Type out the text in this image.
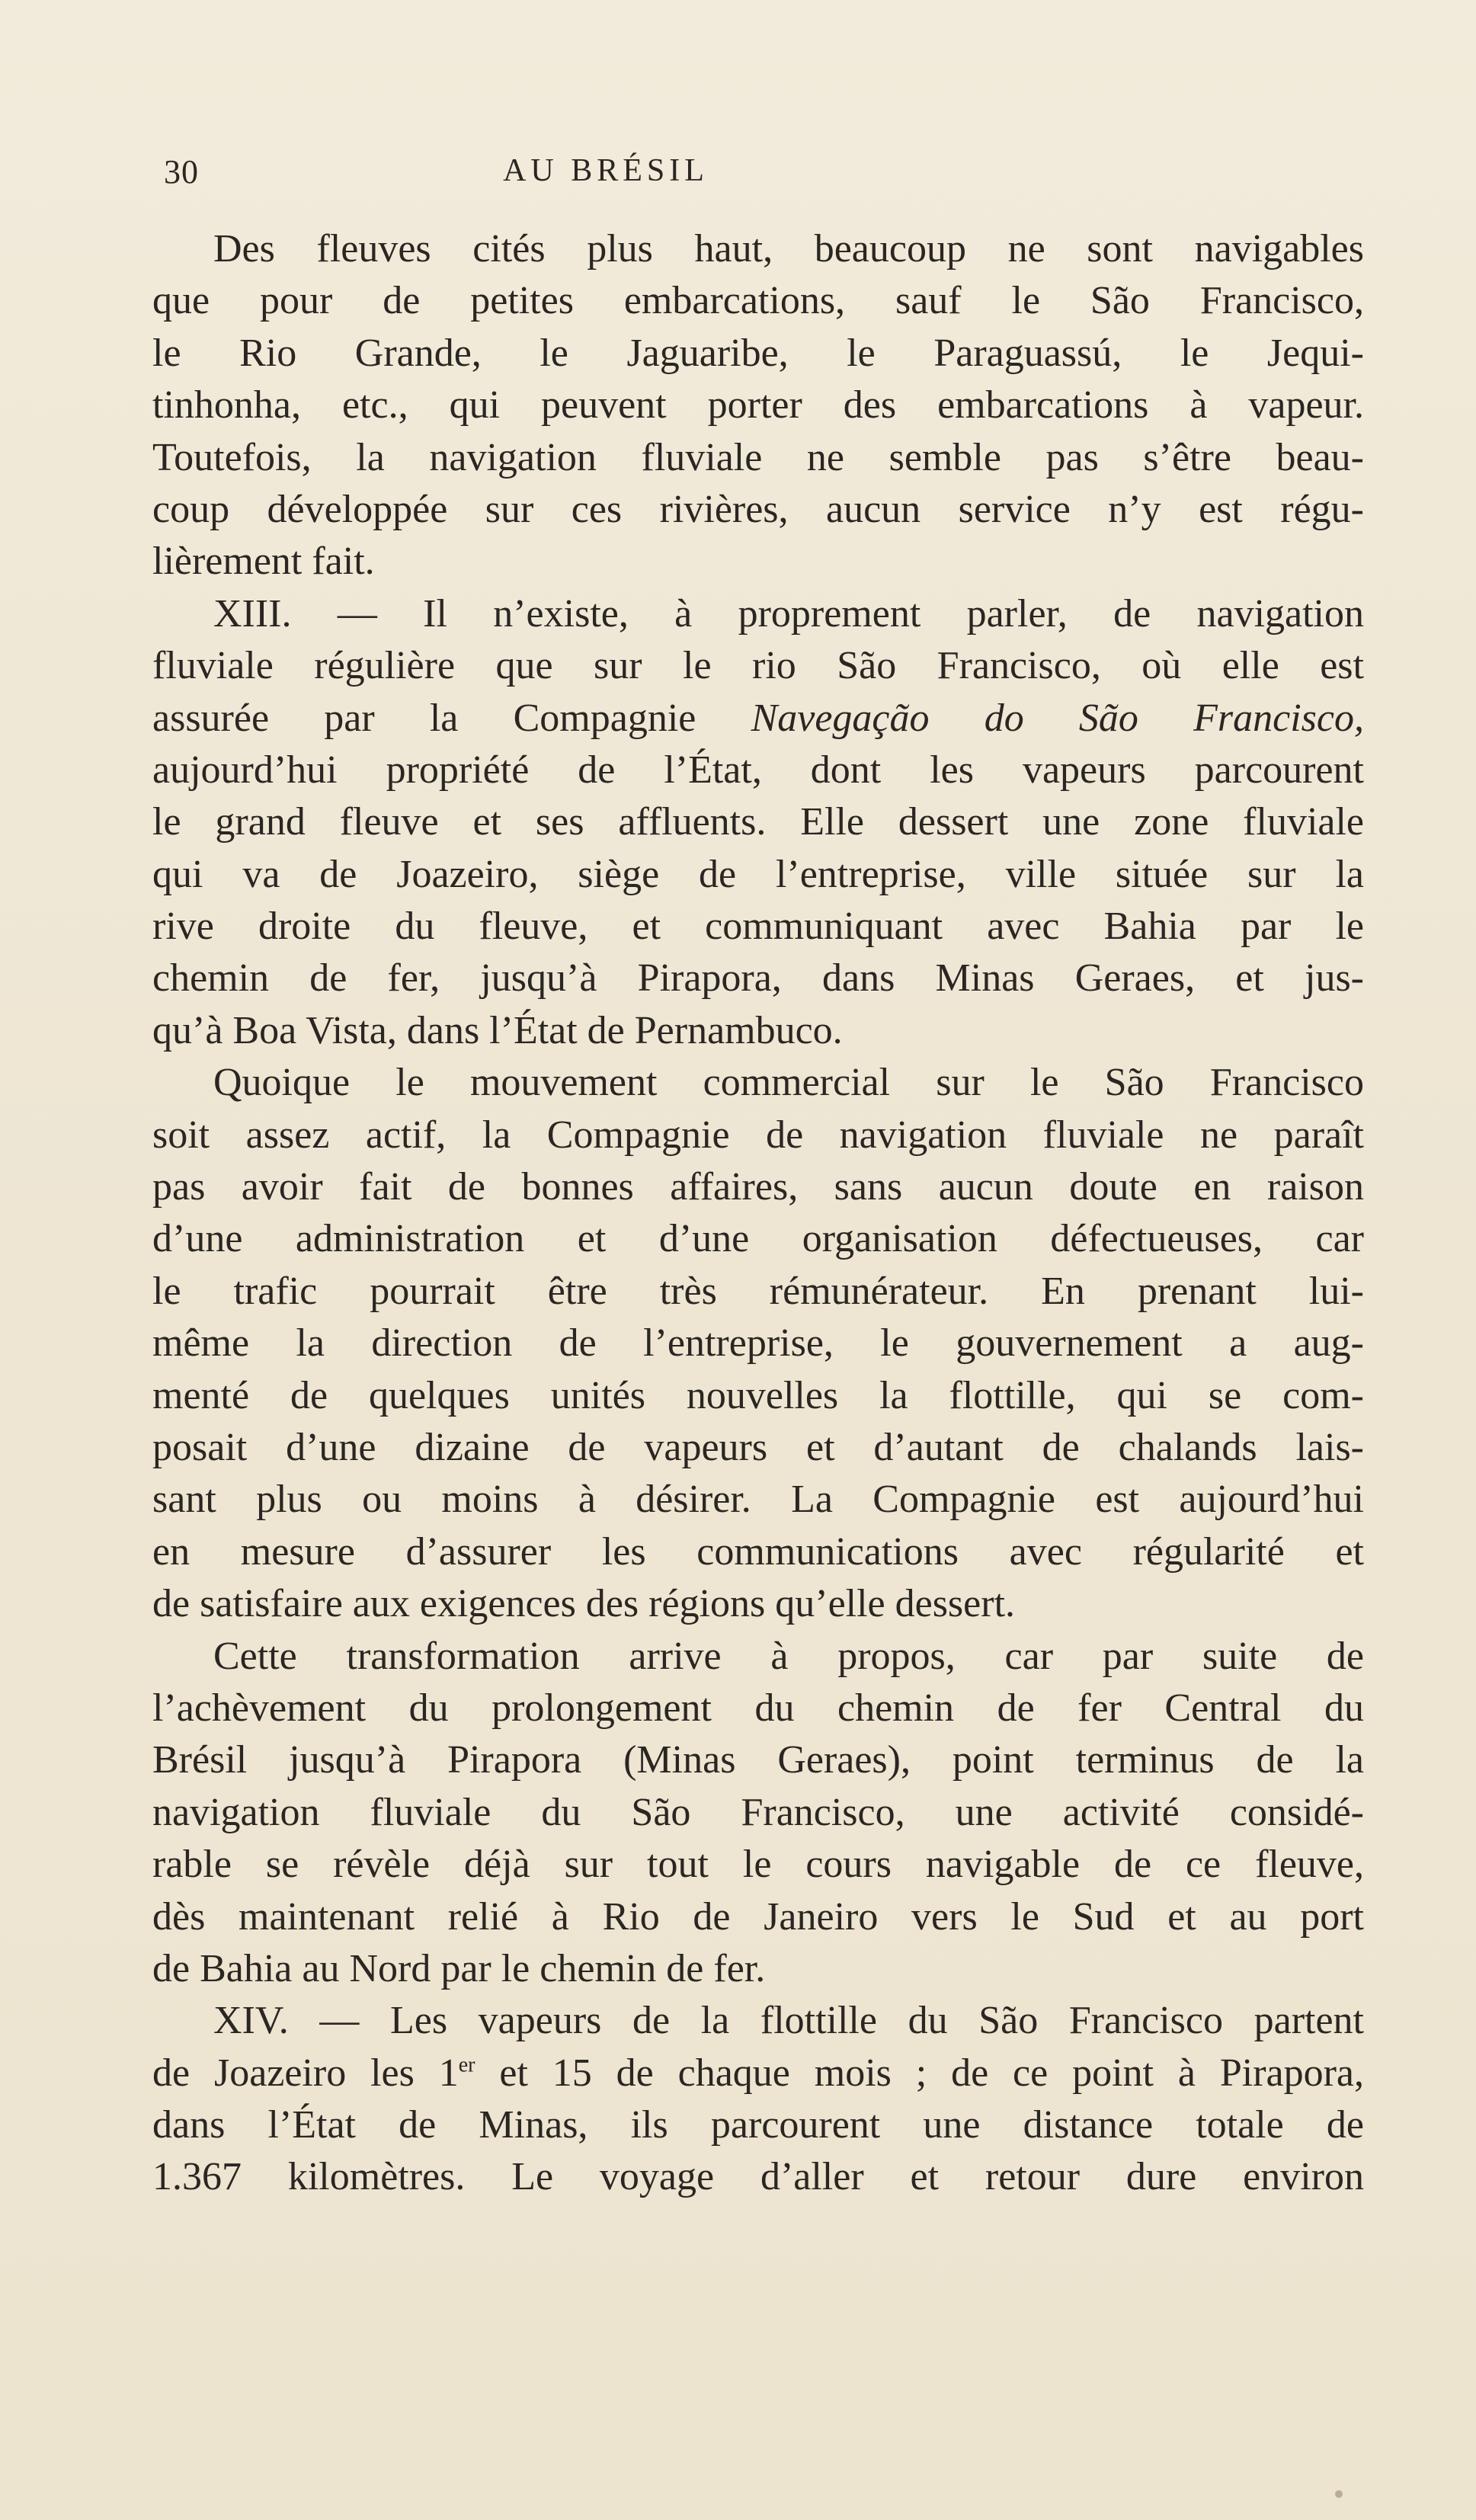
30	AU BRÉSIL
Des fleuves cités plus haut, beaucoup ne sont navigables
que pour de petites embarcations, sauf le São Francisco,
le Rio Grande, le Jaguaribe, le Paraguassú, le Jequi-
tinhonha, etc., qui peuvent porter des embarcations à vapeur.
Toutefois, la navigation fluviale ne semble pas s’être beau-
coup développée sur ces rivières, aucun service n’y est régu-
lièrement fait.
XIII. — Il n’existe, à proprement parler, de navigation
fluviale régulière que sur le rio São Francisco, où elle est
assurée par la Compagnie Navegação do São Francisco,
aujourd’hui propriété de l’État, dont les vapeurs parcourent
le grand fleuve et ses affluents. Elle dessert une zone fluviale
qui va de Joazeiro, siège de l’entreprise, ville située sur la
rive droite du fleuve, et communiquant avec Bahia par le
chemin de fer, jusqu’à Pirapora, dans Minas Geraes, et jus-
qu’à Boa Vista, dans l’État de Pernambuco.
Quoique le mouvement commercial sur le São Francisco
soit assez actif, la Compagnie de navigation fluviale ne paraît
pas avoir fait de bonnes affaires, sans aucun doute en raison
d’une administration et d’une organisation défectueuses, car
le trafic pourrait être très rémunérateur. En prenant lui-
même la direction de l’entreprise, le gouvernement a aug-
menté de quelques unités nouvelles la flottille, qui se com-
posait d’une dizaine de vapeurs et d’autant de chalands lais-
sant plus ou moins à désirer. La Compagnie est aujourd’hui
en mesure d’assurer les communications avec régularité et
de satisfaire aux exigences des régions qu’elle dessert.
Cette transformation arrive à propos, car par suite de
l’achèvement du prolongement du chemin de fer Central du
Brésil jusqu’à Pirapora (Minas Geraes), point terminus de la
navigation fluviale du São Francisco, une activité considé-
rable se révèle déjà sur tout le cours navigable de ce fleuve,
dès maintenant relié à Rio de Janeiro vers le Sud et au port
de Bahia au Nord par le chemin de fer.
XIV. — Les vapeurs de la flottille du São Francisco partent
de Joazeiro les 1er et 15 de chaque mois ; de ce point à Pirapora,
dans l’État de Minas, ils parcourent une distance totale de
1.367 kilomètres. Le voyage d’aller et retour dure environ
